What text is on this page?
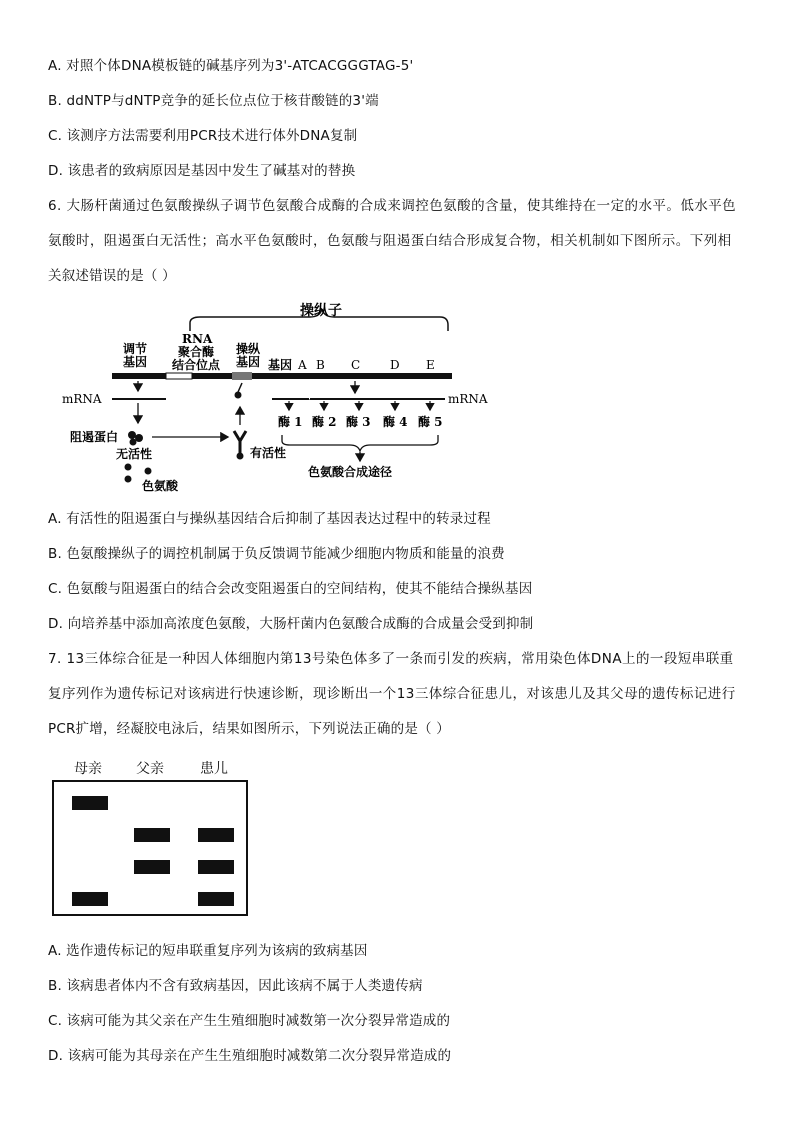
A. 对照个体DNA模板链的碱基序列为3'-ATCACGGGTAG-5'
B. ddNTP与dNTP竞争的延长位点位于核苷酸链的3'端
C. 该测序方法需要利用PCR技术进行体外DNA复制
D. 该患者的致病原因是基因中发生了碱基对的替换
6. 大肠杆菌通过色氨酸操纵子调节色氨酸合成酶的合成来调控色氨酸的含量，使其维持在一定的水平。低水平色
氨酸时，阻遏蛋白无活性；高水平色氨酸时，色氨酸与阻遏蛋白结合形成复合物，相关机制如下图所示。下列相
关叙述错误的是（ ）
操纵子
调节
基因
RNA
聚合酶
结合位点
操纵
基因 基因 A B C D E
mRNA
阻遏蛋白
无活性
色氨酸
有活性
mRNA
酶 1 酶 2 酶 3 酶 4 酶 5
色氨酸合成途径
A. 有活性的阻遏蛋白与操纵基因结合后抑制了基因表达过程中的转录过程
B. 色氨酸操纵子的调控机制属于负反馈调节能减少细胞内物质和能量的浪费
C. 色氨酸与阻遏蛋白的结合会改变阻遏蛋白的空间结构，使其不能结合操纵基因
D. 向培养基中添加高浓度色氨酸，大肠杆菌内色氨酸合成酶的合成量会受到抑制
7. 13三体综合征是一种因人体细胞内第13号染色体多了一条而引发的疾病，常用染色体DNA上的一段短串联重
复序列作为遗传标记对该病进行快速诊断，现诊断出一个13三体综合征患儿，对该患儿及其父母的遗传标记进行
PCR扩增，经凝胶电泳后，结果如图所示，下列说法正确的是（ ）
母亲 父亲	患儿
A. 选作遗传标记的短串联重复序列为该病的致病基因
B. 该病患者体内不含有致病基因，因此该病不属于人类遗传病
C. 该病可能为其父亲在产生生殖细胞时减数第一次分裂异常造成的
D. 该病可能为其母亲在产生生殖细胞时减数第二次分裂异常造成的
